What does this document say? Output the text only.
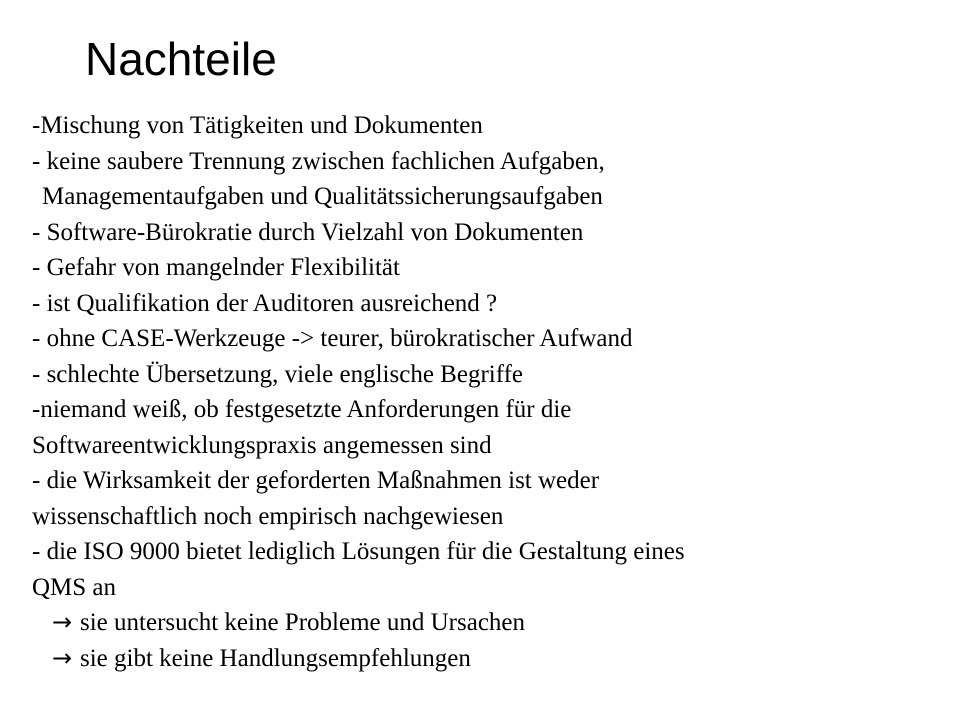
Nachteile
-Mischung von Tätigkeiten und Dokumenten
- keine saubere Trennung zwischen fachlichen Aufgaben,
Managementaufgaben und Qualitätssicherungsaufgaben
- Software-Bürokratie durch Vielzahl von Dokumenten
- Gefahr von mangelnder Flexibilität
- ist Qualifikation der Auditoren ausreichend ?
- ohne CASE-Werkzeuge -> teurer, bürokratischer Aufwand
- schlechte Übersetzung, viele englische Begriffe
-niemand weiß, ob festgesetzte Anforderungen für die
Softwareentwicklungspraxis angemessen sind
- die Wirksamkeit der geforderten Maßnahmen ist weder
wissenschaftlich noch empirisch nachgewiesen
- die ISO 9000 bietet lediglich Lösungen für die Gestaltung eines
QMS an
→ sie untersucht keine Probleme und Ursachen
→ sie gibt keine Handlungsempfehlungen
